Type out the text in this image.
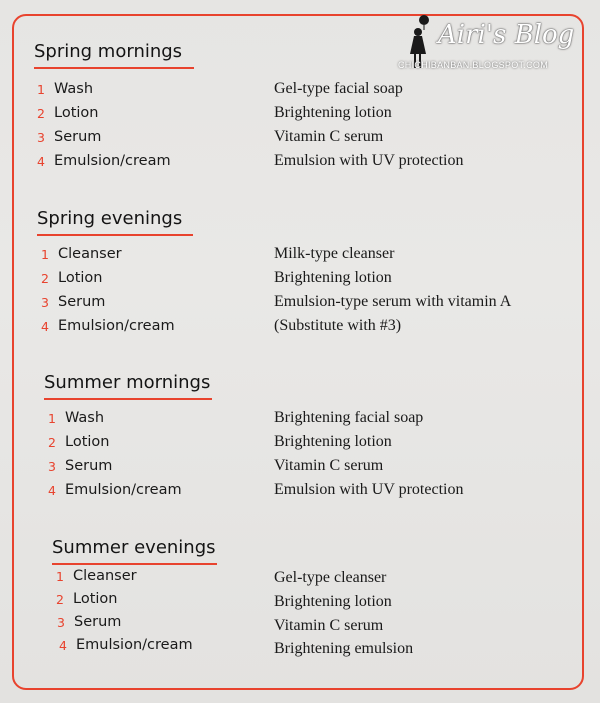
Airi's Blog
CHICHIBANBAN.BLOGSPOT.COM
Spring mornings
1 Wash	Gel-type facial soap
2 Lotion	Brightening lotion
3 Serum	Vitamin C serum
4 Emulsion/cream	Emulsion with UV protection
Spring evenings
1 Cleanser	Milk-type cleanser
2 Lotion	Brightening lotion
3 Serum	Emulsion-type serum with vitamin A
4 Emulsion/cream	(Substitute with #3)
Summer mornings
1 Wash	Brightening facial soap
2 Lotion	Brightening lotion
3 Serum	Vitamin C serum
4 Emulsion/cream	Emulsion with UV protection
Summer evenings
1 Cleanser	Gel-type cleanser
2 Lotion	Brightening lotion
3 Serum	Vitamin C serum
4 Emulsion/cream	Brightening emulsion
